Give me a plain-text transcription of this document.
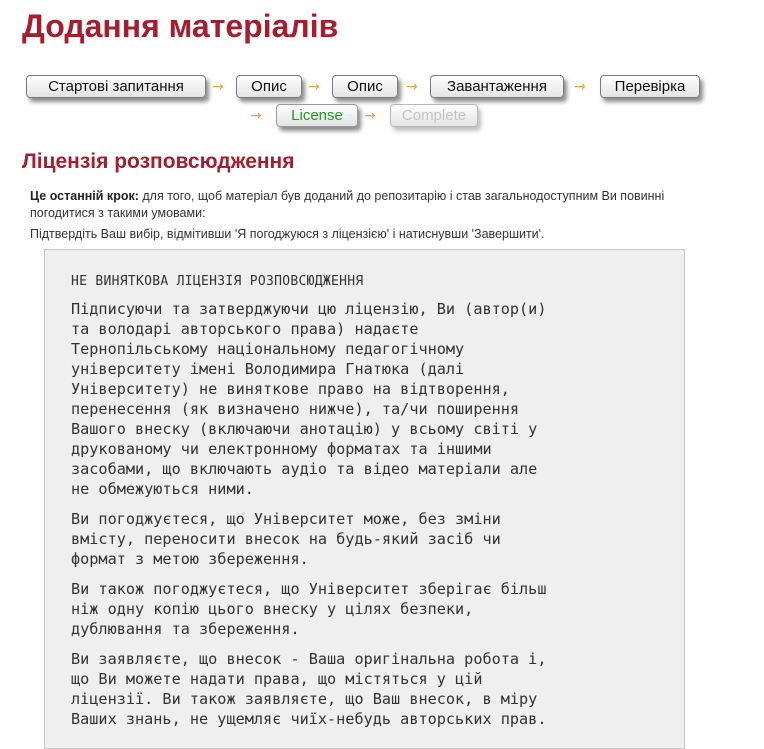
Додання матеріалів
Стартові запитання	→	Опис	→	Опис	→	Завантаження	→	Перевірка
→	License	→	Complete
Ліцензія розповсюдження

Це останній крок: для того, щоб матеріал був доданий до репозитарію і став загальнодоступним Ви повинні погодитися з такими умовами:

Підтвердіть Ваш вибір, відмітивши 'Я погоджуюся з ліцензією' і натиснувши 'Завершити'.

НЕ ВИНЯТКОВА ЛІЦЕНЗІЯ РОЗПОВСЮДЖЕННЯ

Підписуючи та затверджуючи цю ліцензію, Ви (автор(и)
та володарі авторського права) надаєте
Тернопільському національному педагогічному
університету імені Володимира Гнатюка (далі
Університету) не виняткове право на відтворення,
перенесення (як визначено нижче), та/чи поширення
Вашого внеску (включаючи анотацію) у всьому світі у
друкованому чи електронному форматах та іншими
засобами, що включають аудіо та відео матеріали але
не обмежуються ними.

Ви погоджуєтеся, що Університет може, без зміни
вмісту, переносити внесок на будь-який засіб чи
формат з метою збереження.

Ви також погоджуєтеся, що Університет зберігає більш
ніж одну копію цього внеску у цілях безпеки,
дублювання та збереження.

Ви заявляєте, що внесок - Ваша оригінальна робота і,
що Ви можете надати права, що містяться у цій
ліцензії. Ви також заявляєте, що Ваш внесок, в міру
Ваших знань, не ущемляє чиїх-небудь авторських прав.
